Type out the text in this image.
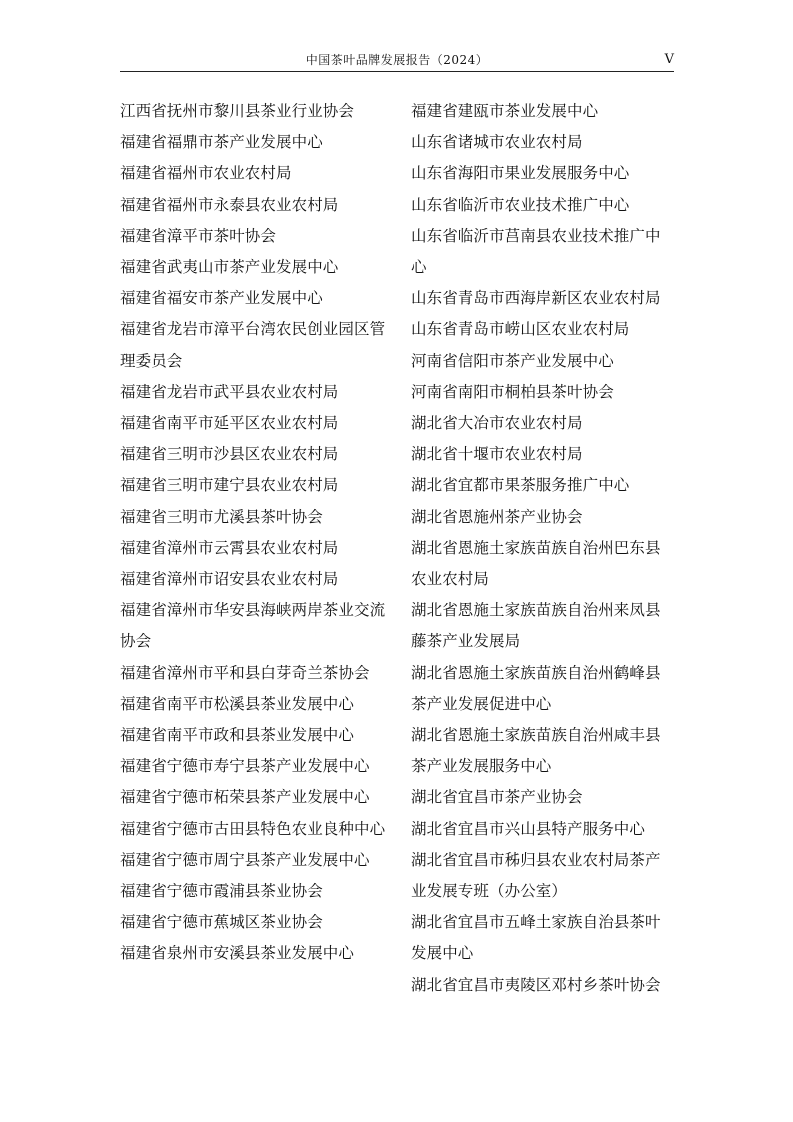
中国茶叶品牌发展报告（2024）	V
江西省抚州市黎川县茶业行业协会
福建省福鼎市茶产业发展中心
福建省福州市农业农村局
福建省福州市永泰县农业农村局
福建省漳平市茶叶协会
福建省武夷山市茶产业发展中心
福建省福安市茶产业发展中心
福建省龙岩市漳平台湾农民创业园区管理委员会
福建省龙岩市武平县农业农村局
福建省南平市延平区农业农村局
福建省三明市沙县区农业农村局
福建省三明市建宁县农业农村局
福建省三明市尤溪县茶叶协会
福建省漳州市云霄县农业农村局
福建省漳州市诏安县农业农村局
福建省漳州市华安县海峡两岸茶业交流协会
福建省漳州市平和县白芽奇兰茶协会
福建省南平市松溪县茶业发展中心
福建省南平市政和县茶业发展中心
福建省宁德市寿宁县茶产业发展中心
福建省宁德市柘荣县茶产业发展中心
福建省宁德市古田县特色农业良种中心
福建省宁德市周宁县茶产业发展中心
福建省宁德市霞浦县茶业协会
福建省宁德市蕉城区茶业协会
福建省泉州市安溪县茶业发展中心
福建省建瓯市茶业发展中心
山东省诸城市农业农村局
山东省海阳市果业发展服务中心
山东省临沂市农业技术推广中心
山东省临沂市莒南县农业技术推广中心
山东省青岛市西海岸新区农业农村局
山东省青岛市崂山区农业农村局
河南省信阳市茶产业发展中心
河南省南阳市桐柏县茶叶协会
湖北省大冶市农业农村局
湖北省十堰市农业农村局
湖北省宜都市果茶服务推广中心
湖北省恩施州茶产业协会
湖北省恩施土家族苗族自治州巴东县农业农村局
湖北省恩施土家族苗族自治州来凤县藤茶产业发展局
湖北省恩施土家族苗族自治州鹤峰县茶产业发展促进中心
湖北省恩施土家族苗族自治州咸丰县茶产业发展服务中心
湖北省宜昌市茶产业协会
湖北省宜昌市兴山县特产服务中心
湖北省宜昌市秭归县农业农村局茶产业发展专班（办公室）
湖北省宜昌市五峰土家族自治县茶叶发展中心
湖北省宜昌市夷陵区邓村乡茶叶协会
